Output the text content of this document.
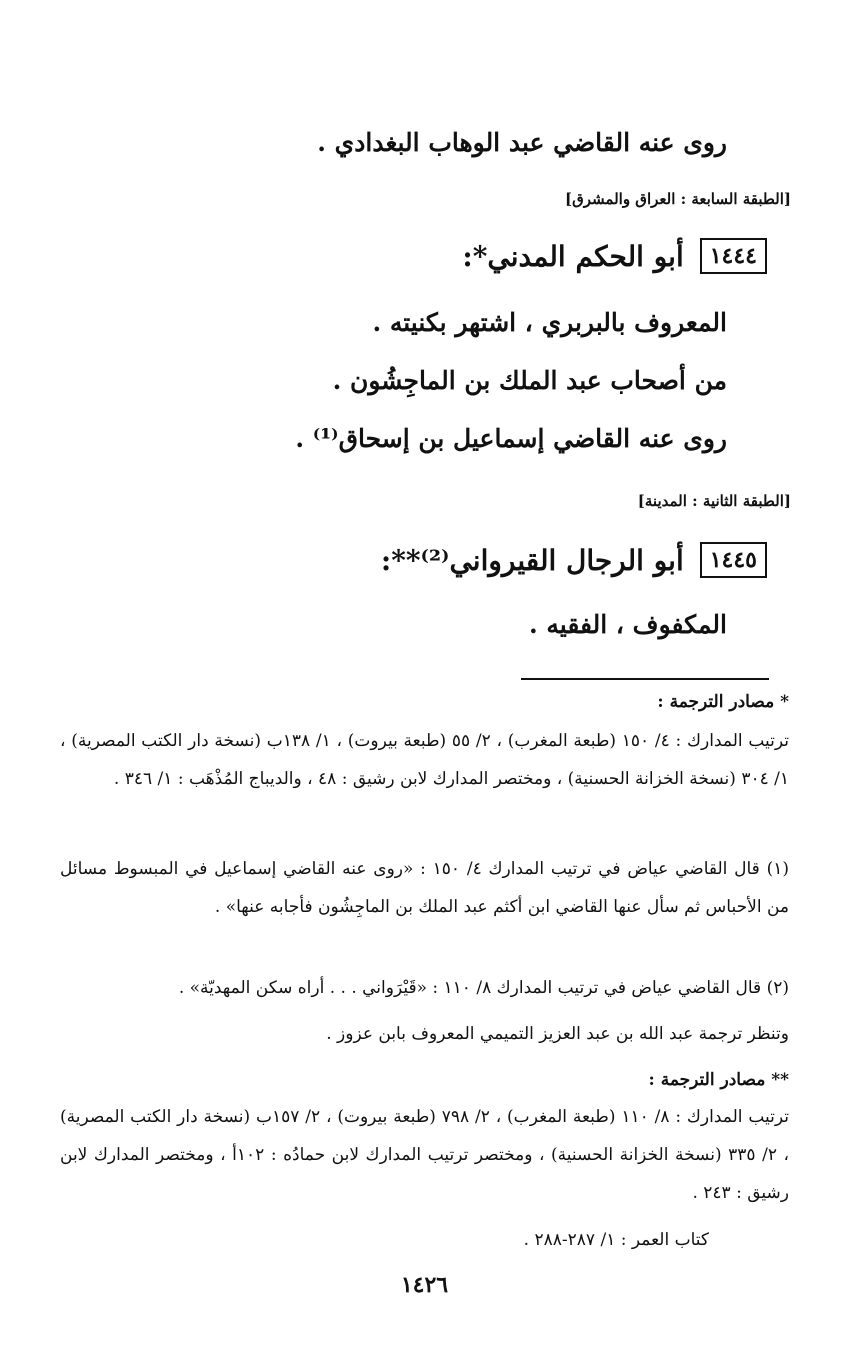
روى عنه القاضي عبد الوهاب البغدادي .
[الطبقة السابعة : العراق والمشرق]
١٤٤٤
أبو الحكم المدني*:
المعروف بالبربري ، اشتهر بكنيته .
من أصحاب عبد الملك بن الماجِشُون .
روى عنه القاضي إسماعيل بن إسحاق⁽¹⁾ .
[الطبقة الثانية : المدينة]
١٤٤٥
أبو الرجال القيرواني⁽²⁾**:
المكفوف ، الفقيه .
* مصادر الترجمة :
ترتيب المدارك : ٤/ ١٥٠ (طبعة المغرب) ، ٢/ ٥٥ (طبعة بيروت) ، ١/ ١٣٨ب (نسخة دار الكتب المصرية) ، ١/ ٣٠٤ (نسخة الخزانة الحسنية) ، ومختصر المدارك لابن رشيق : ٤٨ ، والديباج المُذْهَب : ١/ ٣٤٦ .
(١) قال القاضي عياض في ترتيب المدارك ٤/ ١٥٠ : «روى عنه القاضي إسماعيل في المبسوط مسائل من الأحباس ثم سأل عنها القاضي ابن أكثم عبد الملك بن الماجِشُون فأجابه عنها» .
(٢) قال القاضي عياض في ترتيب المدارك ٨/ ١١٠ : «قَيْرَواني . . . أراه سكن المهديّة» .
وتنظر ترجمة عبد الله بن عبد العزيز التميمي المعروف بابن عزوز .
** مصادر الترجمة :
ترتيب المدارك : ٨/ ١١٠ (طبعة المغرب) ، ٢/ ٧٩٨ (طبعة بيروت) ، ٢/ ١٥٧ب (نسخة دار الكتب المصرية) ، ٢/ ٣٣٥ (نسخة الخزانة الحسنية) ، ومختصر ترتيب المدارك لابن حمادُه : ١٠٢أ ، ومختصر المدارك لابن رشيق : ٢٤٣ .
كتاب العمر : ١/ ٢٨٧-٢٨٨ .
١٤٢٦
